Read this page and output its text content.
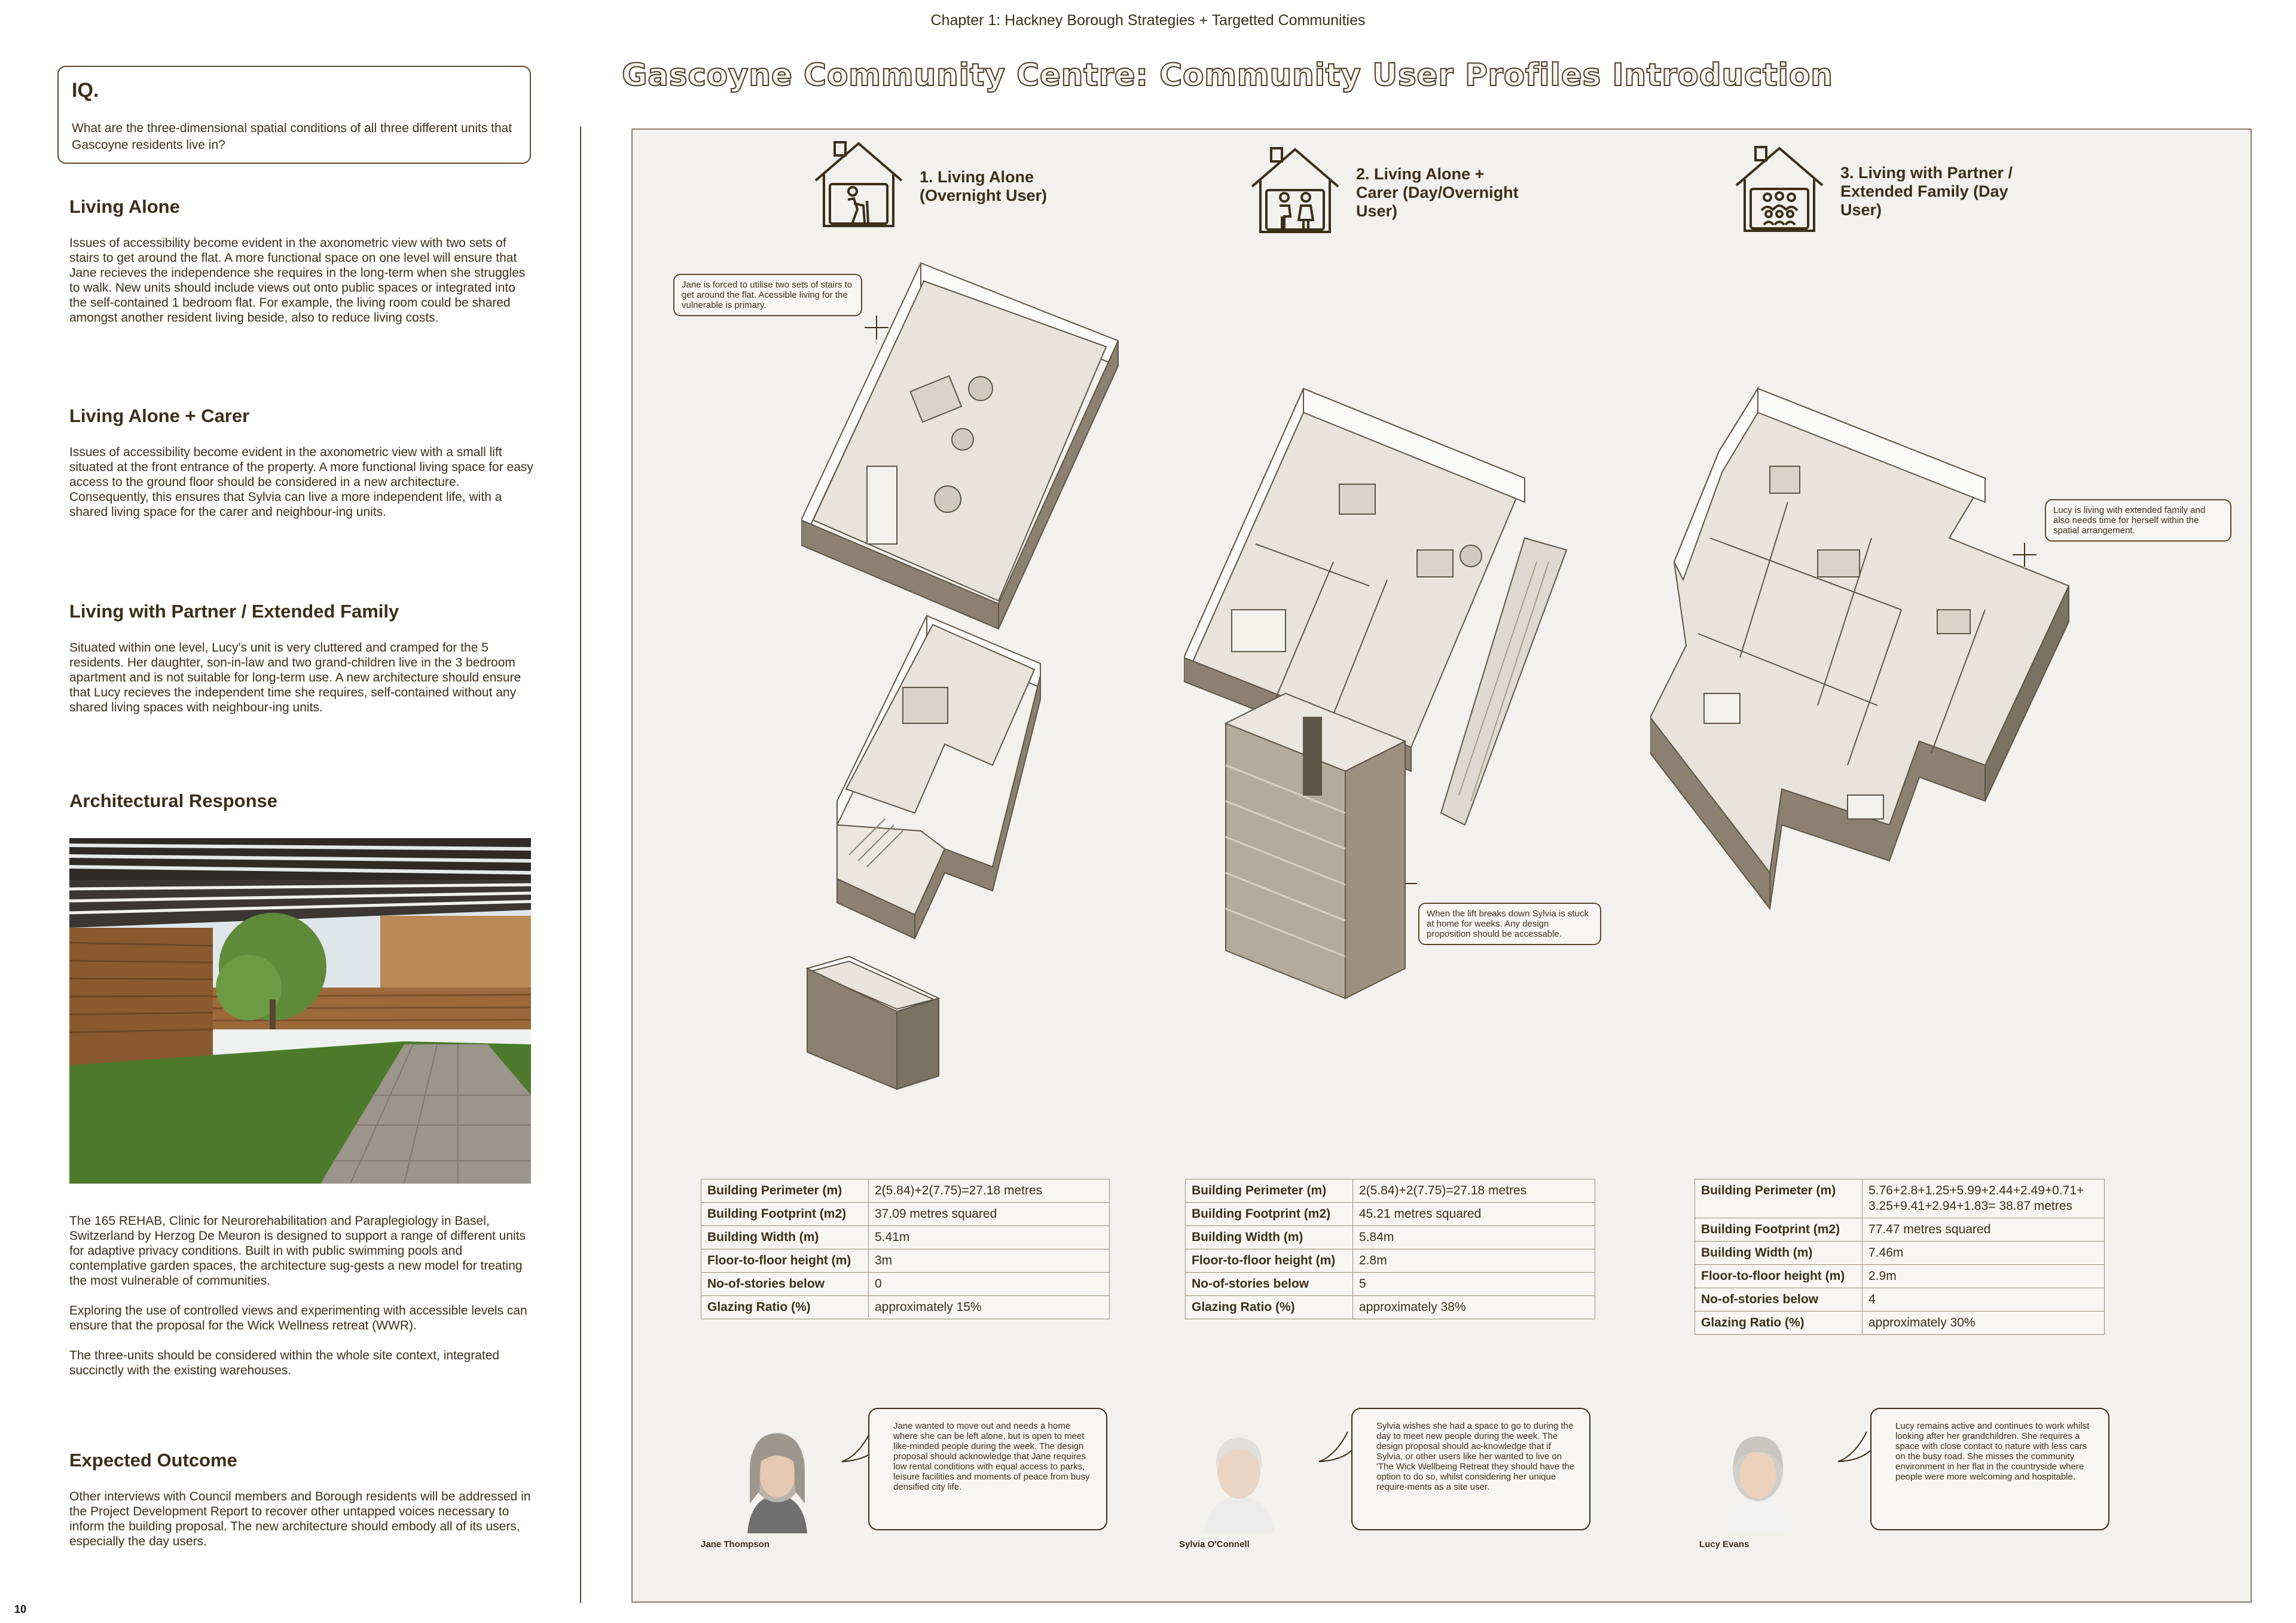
Chapter 1: Hackney Borough Strategies + Targetted Communities
IQ.
What are the three-dimensional spatial conditions of all three different units that Gascoyne residents live in?
Living Alone

Issues of accessibility become evident in the axonometric view with two sets of stairs to get around the flat. A more functional space on one level will ensure that Jane recieves the independence she requires in the long-term when she struggles to walk. New units should include views out onto public spaces or integrated into the self-contained 1 bedroom flat. For example, the living room could be shared amongst another resident living beside, also to reduce living costs.

Living Alone + Carer

Issues of accessibility become evident in the axonometric view with a small lift situated at the front entrance of the property. A more functional living space for easy access to the ground floor should be considered in a new architecture. Consequently, this ensures that Sylvia can live a more independent life, with a shared living space for the carer and neighbour-ing units.

Living with Partner / Extended Family

Situated within one level, Lucy's unit is very cluttered and cramped for the 5 residents. Her daughter, son-in-law and two grand-children live in the 3 bedroom apartment and is not suitable for long-term use. A new architecture should ensure that Lucy recieves the independent time she requires, self-contained without any shared living spaces with neighbour-ing units.

Architectural Response

The 165 REHAB, Clinic for Neurorehabilitation and Paraplegiology in Basel, Switzerland by Herzog De Meuron is designed to support a range of different units for adaptive privacy conditions. Built in with public swimming pools and contemplative garden spaces, the architecture sug-gests a new model for treating the most vulnerable of communities.

Exploring the use of controlled views and experimenting with accessible levels can ensure that the proposal for the Wick Wellness retreat (WWR).

The three-units should be considered within the whole site context, integrated succinctly with the existing warehouses.

Expected Outcome

Other interviews with Council members and Borough residents will be addressed in the Project Development Report to recover other untapped voices necessary to inform the building proposal. The new architecture should embody all of its users, especially the day users.

Gascoyne Community Centre: Community User Profiles Introduction
1. Living Alone (Overnight User)
2. Living Alone + Carer (Day/Overnight User)
3. Living with Partner / Extended Family (Day User)
Jane is forced to utilise two sets of stairs to get around the flat. Acessible living for the vulnerable is primary.
When the lift breaks down Sylvia is stuck at home for weeks. Any design proposition should be accessable.
Lucy is living with extended family and also needs time for herself within the spatial arrangement.
Building Perimeter (m)	2(5.84)+2(7.75)=27.18 metres
Building Footprint (m2)	37.09 metres squared
Building Width (m)	5.41m
Floor-to-floor height (m)	3m
No-of-stories below	0
Glazing Ratio (%)	approximately 15%
Building Perimeter (m)	2(5.84)+2(7.75)=27.18 metres
Building Footprint (m2)	45.21 metres squared
Building Width (m)	5.84m
Floor-to-floor height (m)	2.8m
No-of-stories below	5
Glazing Ratio (%)	approximately 38%
Building Perimeter (m)	5.76+2.8+1.25+5.99+2.44+2.49+0.71+ 3.25+9.41+2.94+1.83= 38.87 metres
Building Footprint (m2)	77.47 metres squared
Building Width (m)	7.46m
Floor-to-floor height (m)	2.9m
No-of-stories below	4
Glazing Ratio (%)	approximately 30%
Jane Thompson
Jane wanted to move out and needs a home where she can be left alone, but is open to meet like-minded people during the week. The design proposal should acknowledge that Jane requires low rental conditions with equal access to parks, leisure facilities and moments of peace from busy densified city life.
Sylvia O'Connell
Sylvia wishes she had a space to go to during the day to meet new people during the week. The design proposal should ac-knowledge that if Sylvia, or other users like her wanted to live on 'The Wick Wellbeing Retreat they should have the option to do so, whilst considering her unique require-ments as a site user.
Lucy Evans
Lucy remains active and continues to work whilst looking after her grandchildren. She requires a space with close contact to nature with less cars on the busy road. She misses the community environment in her flat in the countryside where people were more welcoming and hospitable.
10
